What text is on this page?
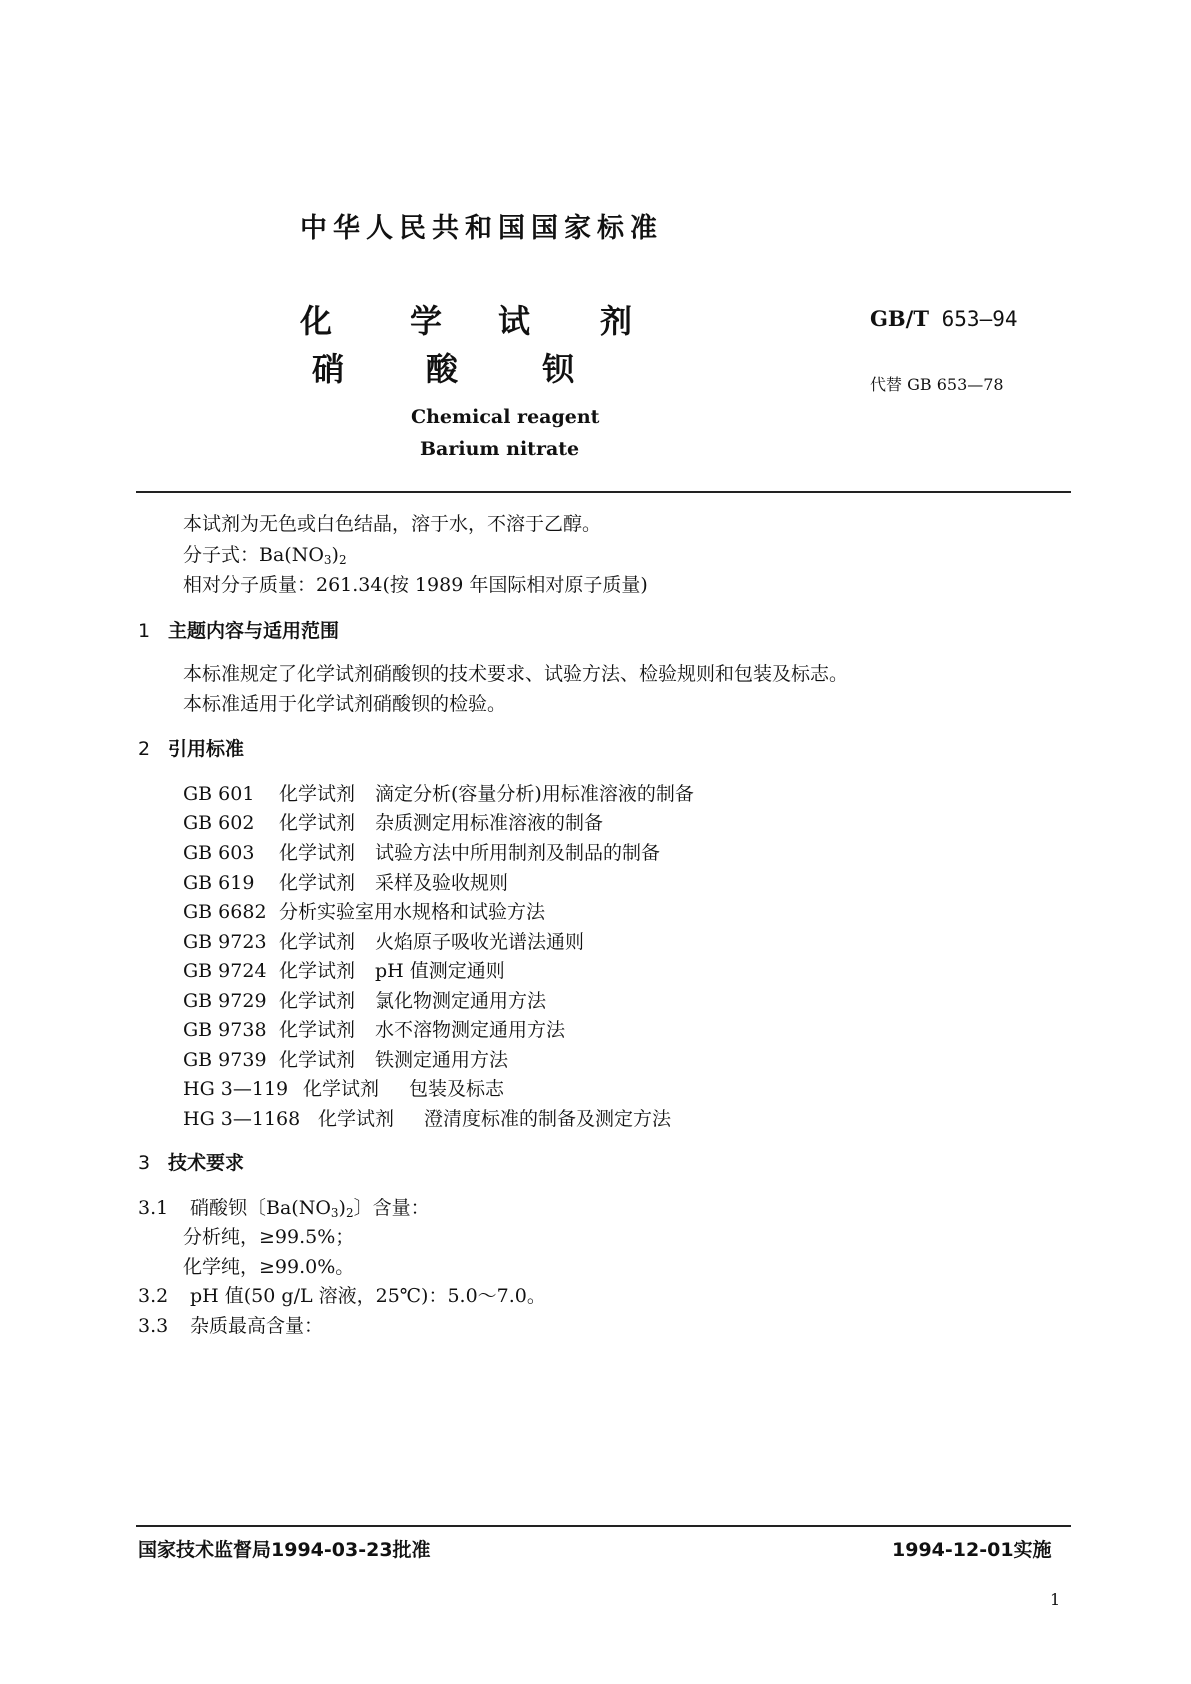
中华人民共和国国家标准
化 学 试 剂
硝	酸	钡
GB/T 653—94
代替 GB 653—78
Chemical reagent
Barium nitrate
本试剂为无色或白色结晶，溶于水，不溶于乙醇。
分子式：$Ba(NO_3)_2$
相对分子质量：261.34(按 1989 年国际相对原子质量)
1 主题内容与适用范围
本标准规定了化学试剂硝酸钡的技术要求、试验方法、检验规则和包装及标志。
本标准适用于化学试剂硝酸钡的检验。
2 引用标准
GB 601 化学试剂 滴定分析(容量分析)用标准溶液的制备
GB 602 化学试剂 杂质测定用标准溶液的制备
GB 603 化学试剂 试验方法中所用制剂及制品的制备
GB 619 化学试剂 采样及验收规则
GB 6682 分析实验室用水规格和试验方法
GB 9723 化学试剂 火焰原子吸收光谱法通则
GB 9724 化学试剂 pH 值测定通则
GB 9729 化学试剂 氯化物测定通用方法
GB 9738 化学试剂 水不溶物测定通用方法
GB 9739 化学试剂 铁测定通用方法
HG 3—119 化学试剂 包装及标志
HG 3—1168 化学试剂 澄清度标准的制备及测定方法
3 技术要求
3.1 硝酸钡〔$Ba(NO_3)_2$〕含量：
分析纯，≥99.5%；
化学纯，≥99.0%。
3.2 pH 值(50 g/L 溶液，25℃)：5.0～7.0。
3.3 杂质最高含量：
国家技术监督局1994-03-23批准	1994-12-01实施
1
